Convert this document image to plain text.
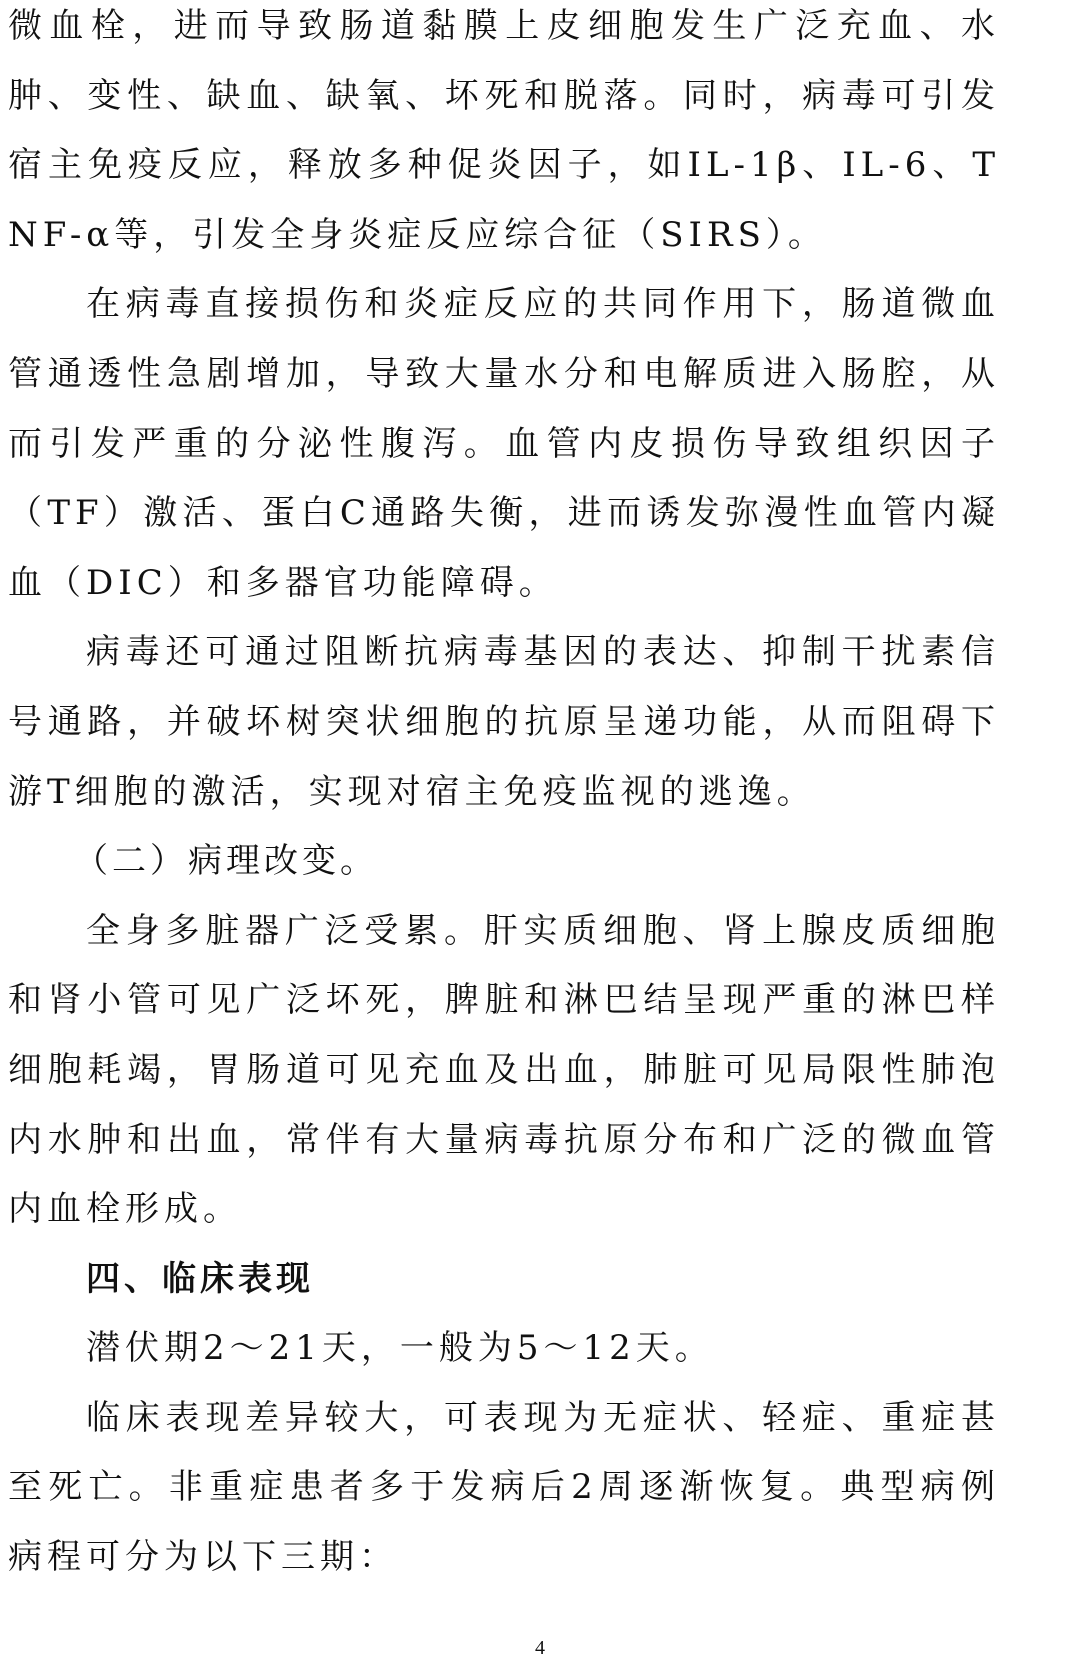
微血栓，进而导致肠道黏膜上皮细胞发生广泛充血、水肿、变性、缺血、缺氧、坏死和脱落。同时，病毒可引发宿主免疫反应，释放多种促炎因子，如IL-1β、IL-6、TNF-α等，引发全身炎症反应综合征（SIRS）。

在病毒直接损伤和炎症反应的共同作用下，肠道微血管通透性急剧增加，导致大量水分和电解质进入肠腔，从而引发严重的分泌性腹泻。血管内皮损伤导致组织因子（TF）激活、蛋白C通路失衡，进而诱发弥漫性血管内凝血（DIC）和多器官功能障碍。

病毒还可通过阻断抗病毒基因的表达、抑制干扰素信号通路，并破坏树突状细胞的抗原呈递功能，从而阻碍下游T细胞的激活，实现对宿主免疫监视的逃逸。

（二）病理改变。

全身多脏器广泛受累。肝实质细胞、肾上腺皮质细胞和肾小管可见广泛坏死，脾脏和淋巴结呈现严重的淋巴样细胞耗竭，胃肠道可见充血及出血，肺脏可见局限性肺泡内水肿和出血，常伴有大量病毒抗原分布和广泛的微血管内血栓形成。

四、临床表现

潜伏期2～21天，一般为5～12天。

临床表现差异较大，可表现为无症状、轻症、重症甚至死亡。非重症患者多于发病后2周逐渐恢复。典型病例病程可分为以下三期：

4
